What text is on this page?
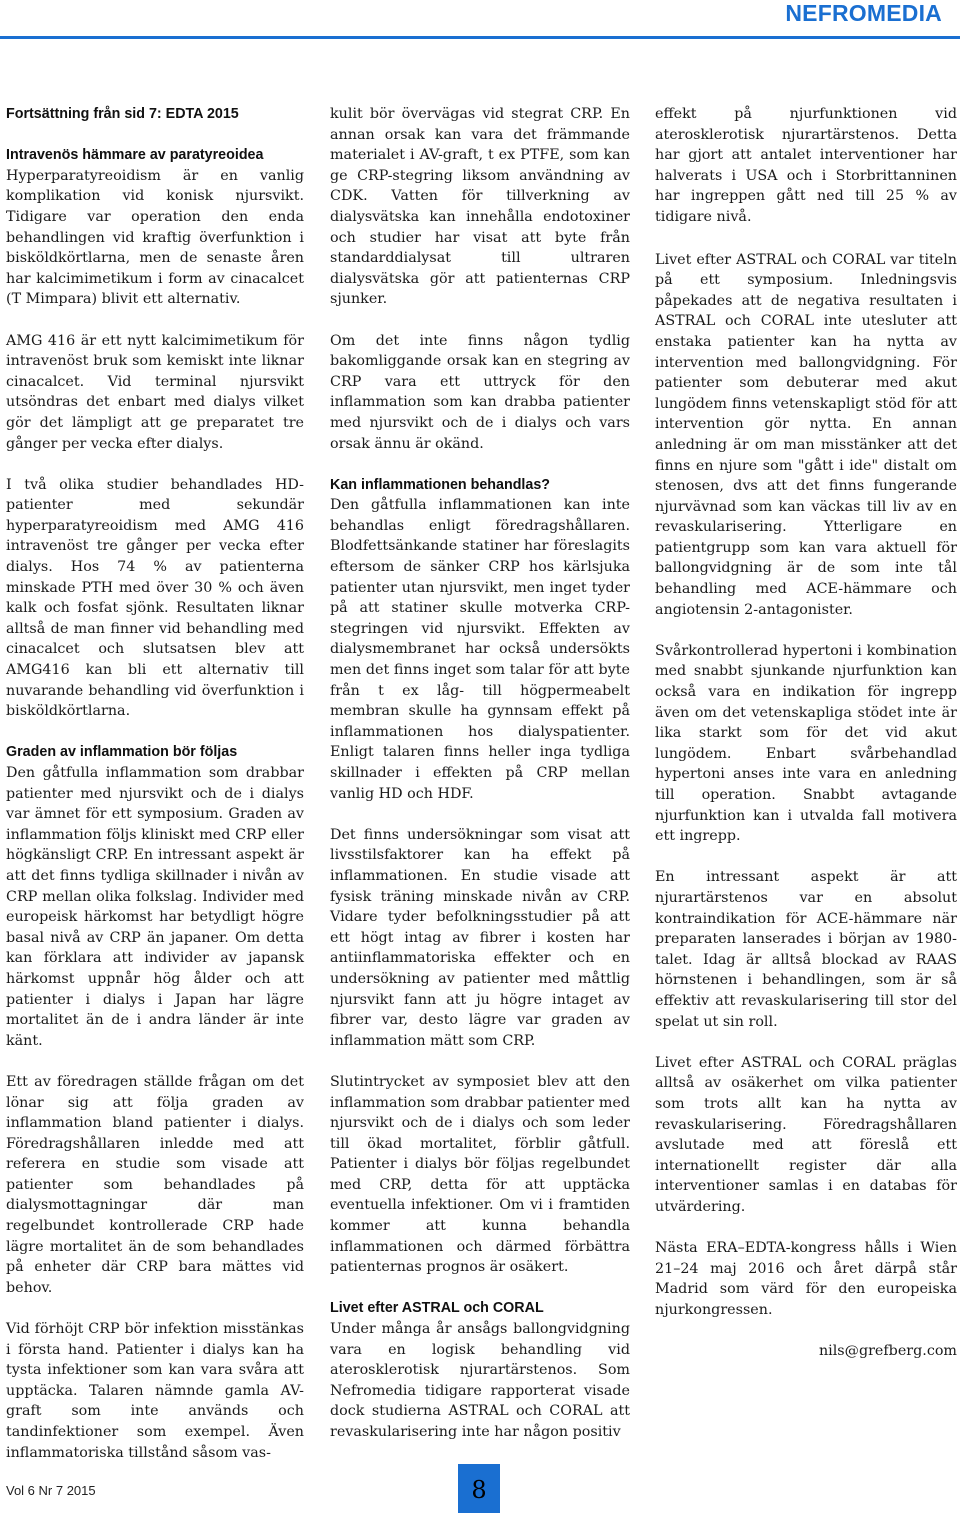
NEFROMEDIA
Fortsättning från sid 7: EDTA 2015
Intravenös hämmare av paratyreoidea

Hyperparatyreoidism är en vanlig komplikation vid konisk njursvikt. Tidigare var operation den enda behandlingen vid kraftig överfunktion i bisköldkörtlarna, men de senaste åren har kalcimimetikum i form av cinacalcet (T Mimpara) blivit ett alternativ.

AMG 416 är ett nytt kalcimimetikum för intravenöst bruk som kemiskt inte liknar cinacalcet. Vid terminal njursvikt utsöndras det enbart med dialys vilket gör det lämpligt att ge preparatet tre gånger per vecka efter dialys.

I två olika studier behandlades HD-patienter med sekundär hyperparatyreoidism med AMG 416 intravenöst tre gånger per vecka efter dialys. Hos 74 % av patienterna minskade PTH med över 30 % och även kalk och fosfat sjönk. Resultaten liknar alltså de man finner vid behandling med cinacalcet och slutsatsen blev att AMG416 kan bli ett alternativ till nuvarande behandling vid överfunktion i bisköldkörtlarna.

Graden av inflammation bör följas

Den gåtfulla inflammation som drabbar patienter med njursvikt och de i dialys var ämnet för ett symposium. Graden av inflammation följs kliniskt med CRP eller högkänsligt CRP. En intressant aspekt är att det finns tydliga skillnader i nivån av CRP mellan olika folkslag. Individer med europeisk härkomst har betydligt högre basal nivå av CRP än japaner. Om detta kan förklara att individer av japansk härkomst uppnår hög ålder och att patienter i dialys i Japan har lägre mortalitet än de i andra länder är inte känt.

Ett av föredragen ställde frågan om det lönar sig att följa graden av inflammation bland patienter i dialys. Föredragshållaren inledde med att referera en studie som visade att patienter som behandlades på dialysmottagningar där man regelbundet kontrollerade CRP hade lägre mortalitet än de som behandlades på enheter där CRP bara mättes vid behov.

Vid förhöjt CRP bör infektion misstänkas i första hand. Patienter i dialys kan ha tysta infektioner som kan vara svåra att upptäcka. Talaren nämnde gamla AV-graft som inte används och tandinfektioner som exempel. Även inflammatoriska tillstånd såsom vas-

kulit bör övervägas vid stegrat CRP. En annan orsak kan vara det främmande materialet i AV-graft, t ex PTFE, som kan ge CRP-stegring liksom användning av CDK. Vatten för tillverkning av dialysvätska kan innehålla endotoxiner och studier har visat att byte från standarddialysat till ultraren dialysvätska gör att patienternas CRP sjunker.

Om det inte finns någon tydlig bakomliggande orsak kan en stegring av CRP vara ett uttryck för den inflammation som kan drabba patienter med njursvikt och de i dialys och vars orsak ännu är okänd.

Kan inflammationen behandlas?

Den gåtfulla inflammationen kan inte behandlas enligt föredragshållaren. Blodfettsänkande statiner har föreslagits eftersom de sänker CRP hos kärlsjuka patienter utan njursvikt, men inget tyder på att statiner skulle motverka CRP-stegringen vid njursvikt. Effekten av dialysmembranet har också undersökts men det finns inget som talar för att byte från t ex låg- till högpermeabelt membran skulle ha gynnsam effekt på inflammationen hos dialyspatienter. Enligt talaren finns heller inga tydliga skillnader i effekten på CRP mellan vanlig HD och HDF.

Det finns undersökningar som visat att livsstilsfaktorer kan ha effekt på inflammationen. En studie visade att fysisk träning minskade nivån av CRP. Vidare tyder befolkningsstudier på att ett högt intag av fibrer i kosten har antiinflammatoriska effekter och en undersökning av patienter med måttlig njursvikt fann att ju högre intaget av fibrer var, desto lägre var graden av inflammation mätt som CRP.

Slutintrycket av symposiet blev att den inflammation som drabbar patienter med njursvikt och de i dialys och som leder till ökad mortalitet, förblir gåtfull. Patienter i dialys bör följas regelbundet med CRP, detta för att upptäcka eventuella infektioner. Om vi i framtiden kommer att kunna behandla inflammationen och därmed förbättra patienternas prognos är osäkert.

Livet efter ASTRAL och CORAL

Under många år ansågs ballongvidgning vara en logisk behandling vid aterosklerotisk njurartärstenos. Som Nefromedia tidigare rapporterat visade dock studierna ASTRAL och CORAL att revaskularisering inte har någon positiv

effekt på njurfunktionen vid aterosklerotisk njurartärstenos. Detta har gjort att antalet interventioner har halverats i USA och i Storbrittanninen har ingreppen gått ned till 25 % av tidigare nivå.

Livet efter ASTRAL och CORAL var titeln på ett symposium. Inledningsvis påpekades att de negativa resultaten i ASTRAL och CORAL inte utesluter att enstaka patienter kan ha nytta av intervention med ballongvidgning. För patienter som debuterar med akut lungödem finns vetenskapligt stöd för att intervention gör nytta. En annan anledning är om man misstänker att det finns en njure som "gått i ide" distalt om stenosen, dvs att det finns fungerande njurvävnad som kan väckas till liv av en revaskularisering. Ytterligare en patientgrupp som kan vara aktuell för ballongvidgning är de som inte tål behandling med ACE-hämmare och angiotensin 2-antagonister.

Svårkontrollerad hypertoni i kombination med snabbt sjunkande njurfunktion kan också vara en indikation för ingrepp även om det vetenskapliga stödet inte är lika starkt som för det vid akut lungödem. Enbart svårbehandlad hypertoni anses inte vara en anledning till operation. Snabbt avtagande njurfunktion kan i utvalda fall motivera ett ingrepp.

En intressant aspekt är att njurartärstenos var en absolut kontraindikation för ACE-hämmare när preparaten lanserades i början av 1980-talet. Idag är alltså blockad av RAAS hörnstenen i behandlingen, som är så effektiv att revaskularisering till stor del spelat ut sin roll.

Livet efter ASTRAL och CORAL präglas alltså av osäkerhet om vilka patienter som trots allt kan ha nytta av revaskularisering. Föredragshållaren avslutade med att föreslå ett internationellt register där alla interventioner samlas i en databas för utvärdering.

Nästa ERA–EDTA-kongress hålls i Wien 21–24 maj 2016 och året därpå står Madrid som värd för den europeiska njurkongressen.

nils@grefberg.com

Vol 6 Nr 7 2015	8
